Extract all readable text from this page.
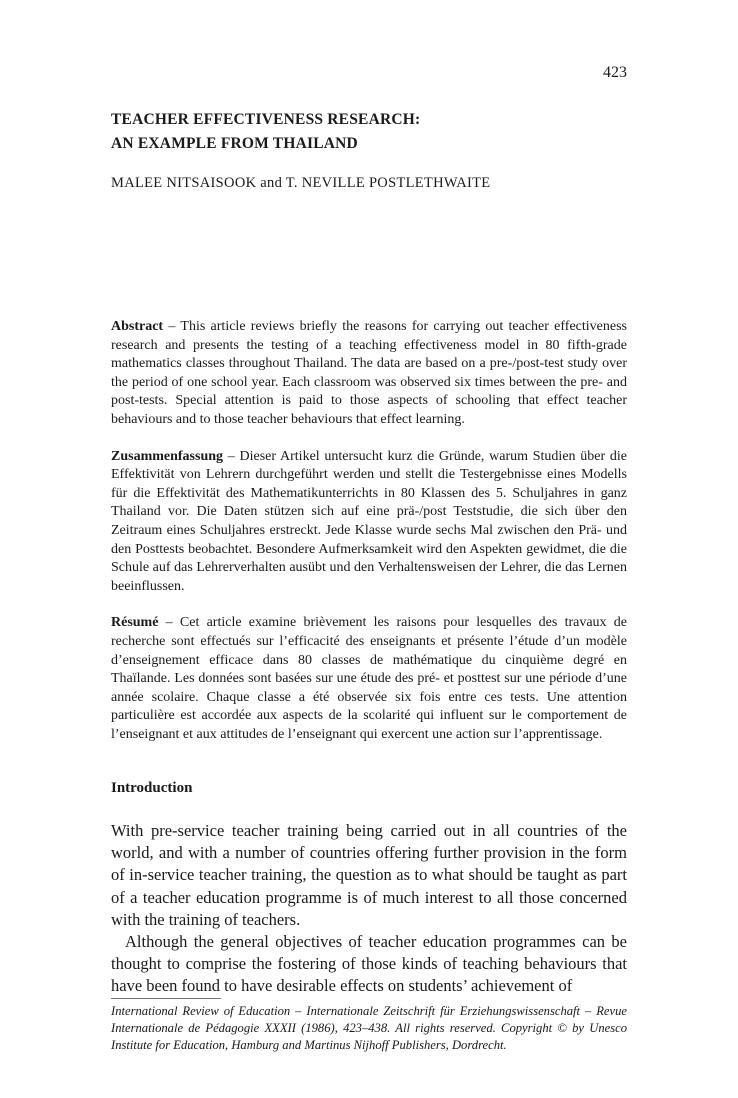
423
TEACHER EFFECTIVENESS RESEARCH:
AN EXAMPLE FROM THAILAND
MALEE NITSAISOOK and T. NEVILLE POSTLETHWAITE

Abstract – This article reviews briefly the reasons for carrying out teacher effectiveness research and presents the testing of a teaching effectiveness model in 80 fifth-grade mathematics classes throughout Thailand. The data are based on a pre-/post-test study over the period of one school year. Each classroom was observed six times between the pre- and post-tests. Special attention is paid to those aspects of schooling that effect teacher behaviours and to those teacher behaviours that effect learning.

Zusammenfassung – Dieser Artikel untersucht kurz die Gründe, warum Studien über die Effektivität von Lehrern durchgeführt werden und stellt die Testergebnisse eines Modells für die Effektivität des Mathematikunterrichts in 80 Klassen des 5. Schuljahres in ganz Thailand vor. Die Daten stützen sich auf eine prä-/post Teststudie, die sich über den Zeitraum eines Schuljahres erstreckt. Jede Klasse wurde sechs Mal zwischen den Prä- und den Posttests beobachtet. Besondere Aufmerksamkeit wird den Aspekten gewidmet, die die Schule auf das Lehrerverhalten ausübt und den Verhaltensweisen der Lehrer, die das Lernen beeinflussen.

Résumé – Cet article examine brièvement les raisons pour lesquelles des travaux de recherche sont effectués sur l’efficacité des enseignants et présente l’étude d’un modèle d’enseignement efficace dans 80 classes de mathématique du cinquième degré en Thaïlande. Les données sont basées sur une étude des pré- et posttest sur une période d’une année scolaire. Chaque classe a été observée six fois entre ces tests. Une attention particulière est accordée aux aspects de la scolarité qui influent sur le comportement de l’enseignant et aux attitudes de l’enseignant qui exercent une action sur l’apprentissage.

Introduction

With pre-service teacher training being carried out in all countries of the world, and with a number of countries offering further provision in the form of in-service teacher training, the question as to what should be taught as part of a teacher education programme is of much interest to all those concerned with the training of teachers.

Although the general objectives of teacher education programmes can be thought to comprise the fostering of those kinds of teaching behaviours that have been found to have desirable effects on students’ achievement of

International Review of Education – Internationale Zeitschrift für Erziehungswissenschaft – Revue Internationale de Pédagogie XXXII (1986), 423–438. All rights reserved. Copyright © by Unesco Institute for Education, Hamburg and Martinus Nijhoff Publishers, Dordrecht.
